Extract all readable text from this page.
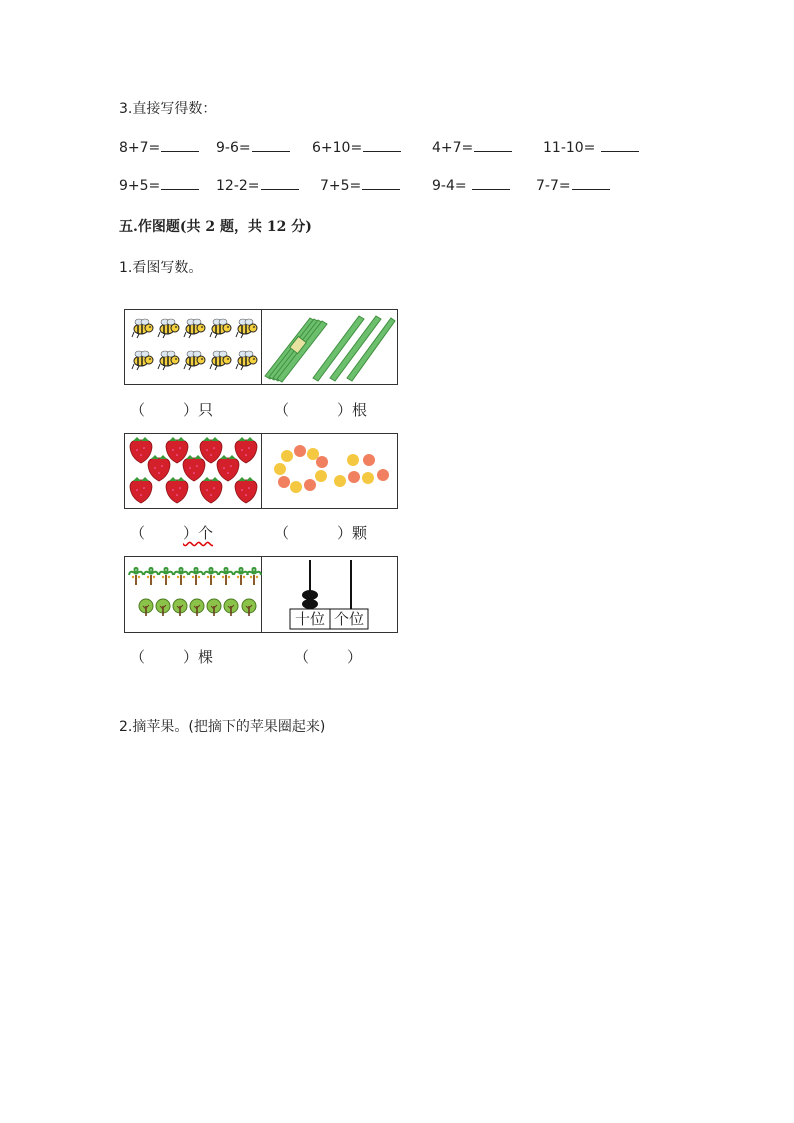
3.直接写得数：
8+7=	9-6=	6+10=	4+7=	11-10=
9+5=	12-2=	7+5=	9-4=	7-7=
五.作图题(共 2 题，共 12 分)
1.看图写数。
（	）只	（	）根
（	）个	（	）颗
十位 个位
（	）棵	（	）
2.摘苹果。(把摘下的苹果圈起来)
